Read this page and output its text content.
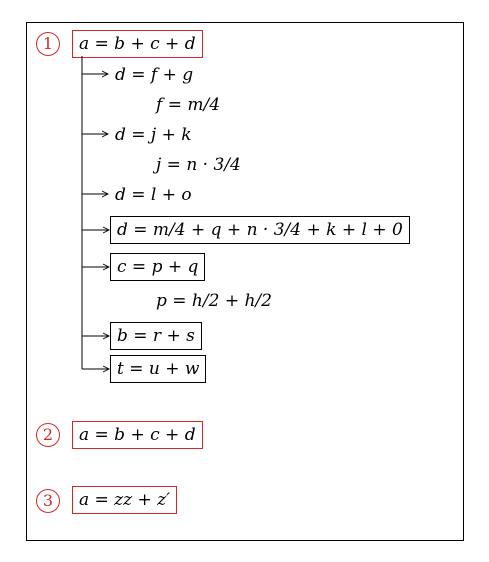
1	a = b + c + d
d = f + g
f = m/4
d = j + k
j = n · 3/4
d = l + o
d = m/4 + q + n · 3/4 + k + l + 0
c = p + q
p = h/2 + h/2
b = r + s
t = u + w
2	a = b + c + d
3	a = zz + z′
